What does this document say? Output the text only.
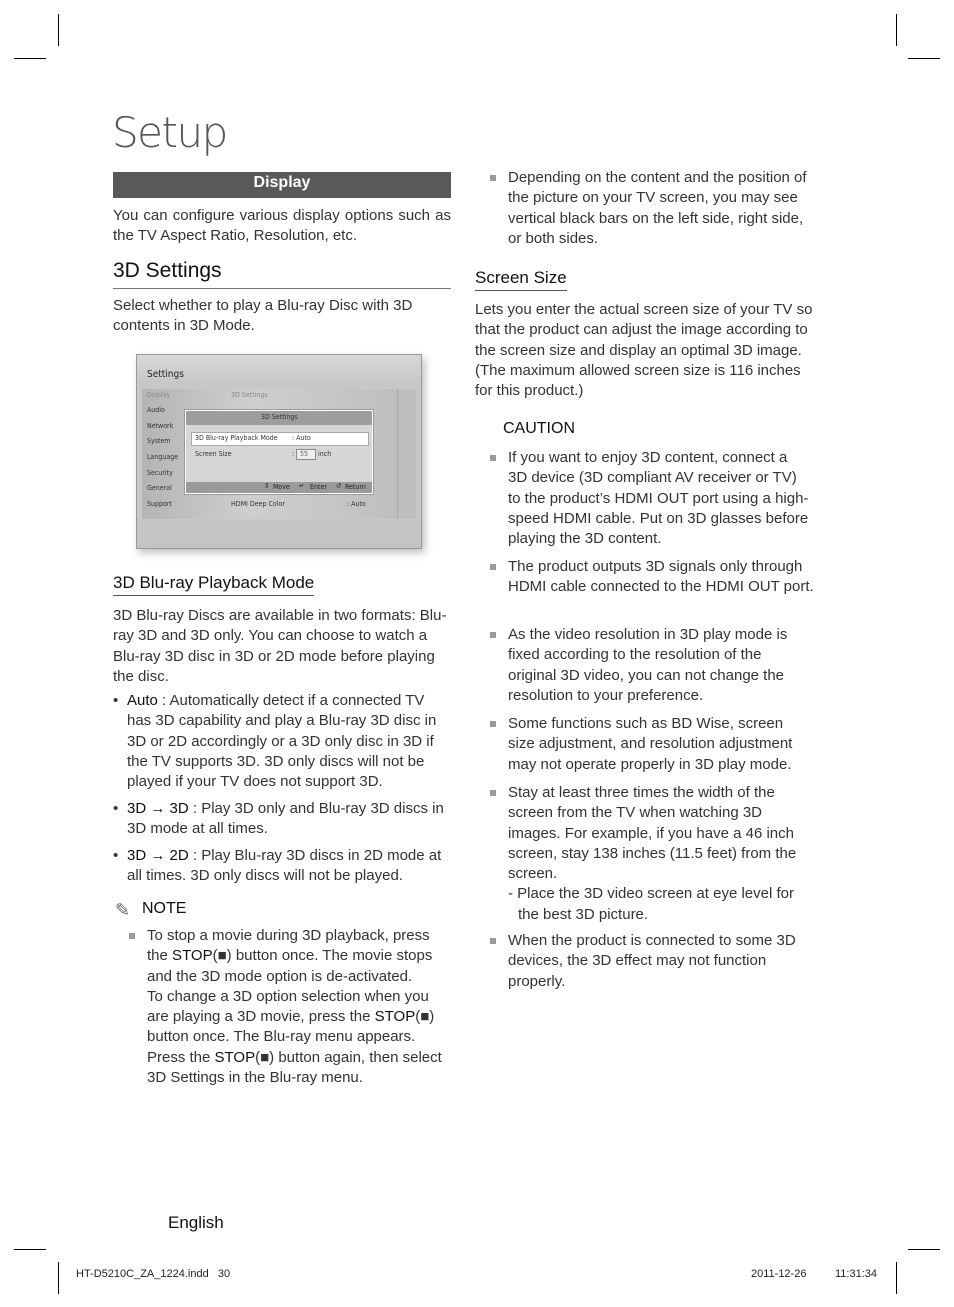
Setup
Display
You can configure various display options such as the TV Aspect Ratio, Resolution, etc.
3D Settings
Select whether to play a Blu-ray Disc with 3D contents in 3D Mode.
Settings
Display
Audio
Network
System
Language
Security
General
Support
3D Settings
HDMI Deep Color	: Auto
3D Settings
3D Blu-ray Playback Mode : Auto
Screen Size	: 55 inch
⇕ Move ↵ Enter ↺ Return
3D Blu-ray Playback Mode
3D Blu-ray Discs are available in two formats: Blu-ray 3D and 3D only. You can choose to watch a Blu-ray 3D disc in 3D or 2D mode before playing the disc.
• Auto : Automatically detect if a connected TV has 3D capability and play a Blu-ray 3D disc in 3D or 2D accordingly or a 3D only disc in 3D if the TV supports 3D. 3D only discs will not be played if your TV does not support 3D.
• 3D → 3D : Play 3D only and Blu-ray 3D discs in 3D mode at all times.
• 3D → 2D : Play Blu-ray 3D discs in 2D mode at all times. 3D only discs will not be played.
✎ NOTE
To stop a movie during 3D playback, press the STOP(■) button once. The movie stops and the 3D mode option is de-activated.
To change a 3D option selection when you are playing a 3D movie, press the STOP(■) button once. The Blu-ray menu appears. Press the STOP(■) button again, then select 3D Settings in the Blu-ray menu.
Depending on the content and the position of the picture on your TV screen, you may see vertical black bars on the left side, right side, or both sides.
Screen Size
Lets you enter the actual screen size of your TV so that the product can adjust the image according to the screen size and display an optimal 3D image. (The maximum allowed screen size is 116 inches for this product.)
CAUTION
If you want to enjoy 3D content, connect a 3D device (3D compliant AV receiver or TV) to the product’s HDMI OUT port using a high-speed HDMI cable. Put on 3D glasses before playing the 3D content.
The product outputs 3D signals only through HDMI cable connected to the HDMI OUT port.
As the video resolution in 3D play mode is fixed according to the resolution of the original 3D video, you can not change the resolution to your preference.
Some functions such as BD Wise, screen size adjustment, and resolution adjustment may not operate properly in 3D play mode.
Stay at least three times the width of the screen from the TV when watching 3D images. For example, if you have a 46 inch screen, stay 138 inches (11.5 feet) from the screen.
- Place the 3D video screen at eye level for the best 3D picture.
When the product is connected to some 3D devices, the 3D effect may not function properly.
English
HT-D5210C_ZA_1224.indd   30	2011-12-26	11:31:34
